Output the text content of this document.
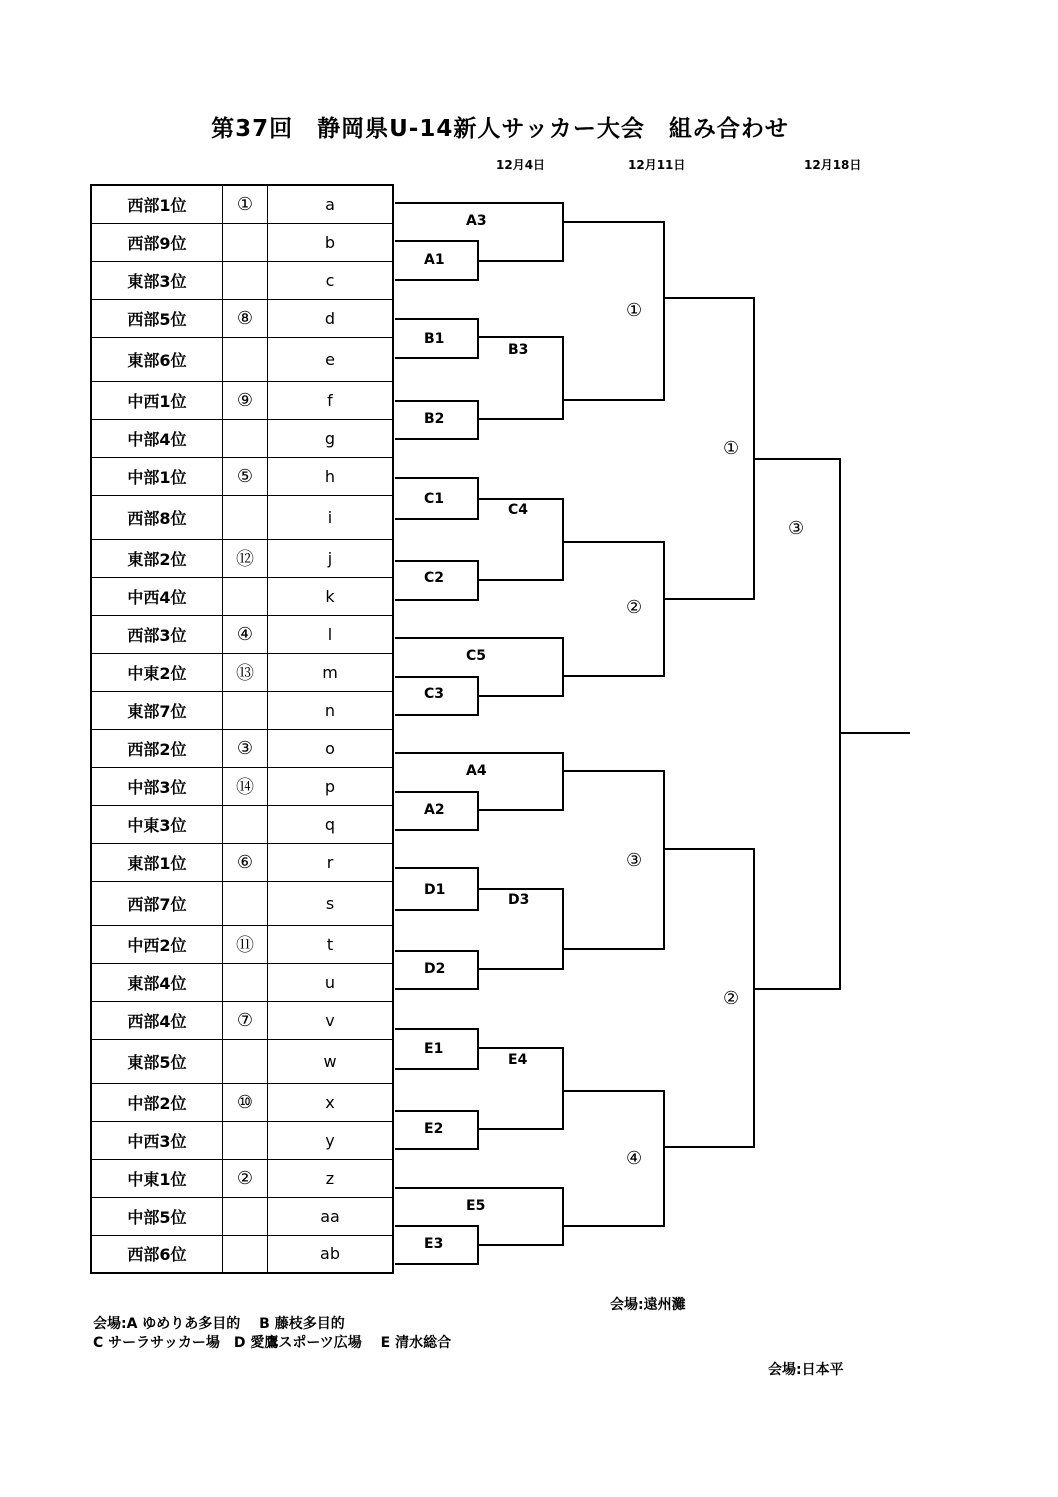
第37回　静岡県U-14新人サッカー大会　組み合わせ
12月4日	12月11日	12月18日
西部1位	①	a
西部9位		b
東部3位		c
西部5位	⑧	d
東部6位		e
中西1位	⑨	f
中部4位		g
中部1位	⑤	h
西部8位		i
東部2位	⑫	j
中西4位		k
西部3位	④	l
中東2位	⑬	m
東部7位		n
西部2位	③	o
中部3位	⑭	p
中東3位		q
東部1位	⑥	r
西部7位		s
中西2位	⑪	t
東部4位		u
西部4位	⑦	v
東部5位		w
中部2位	⑩	x
中西3位		y
中東1位	②	z
中部5位		aa
西部6位		ab
A3
A1
B1
B3
B2
C1
C4
C2
C5
C3
A4
A2
D1
D3
D2
E1
E4
E2
E5
E3
①
②
③
④
①
②
③
会場:遠州灘
会場:A ゆめりあ多目的　 B 藤枝多目的
C サーラサッカー場　D 愛鷹スポーツ広場　 E 清水総合
会場:日本平
